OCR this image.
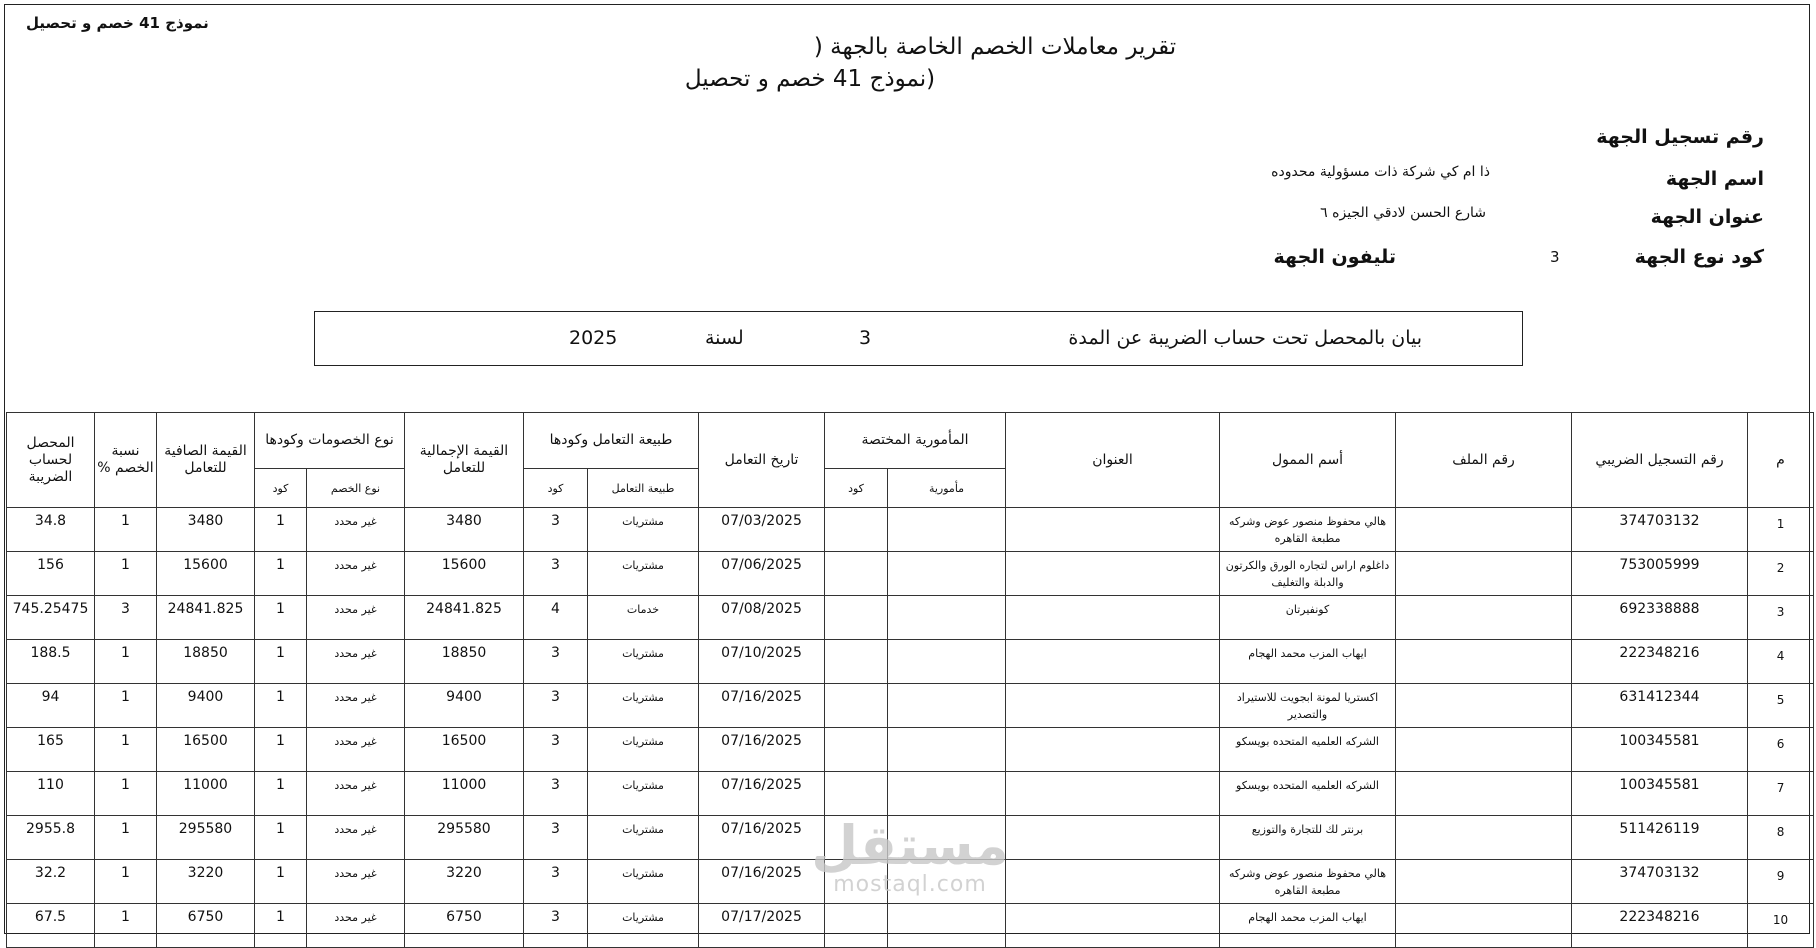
نموذج 41 خصم و تحصيل
تقرير معاملات الخصم الخاصة بالجهة (
(نموذج 41 خصم و تحصيل
رقم تسجيل الجهة
اسم الجهة
ذا ام كي شركة ذات مسؤولية محدوده
عنوان الجهة
شارع الحسن لادقي الجيزه ٦
كود نوع الجهة
3
تليفون الجهة
بيان بالمحصل تحت حساب الضريبة عن المدة
3
لسنة
2025
م	رقم التسجيل الضريبي	رقم الملف	أسم الممول	العنوان	المأمورية المختصة		تاريخ التعامل	طبيعة التعامل وكودها		القيمة الإجمالية للتعامل	نوع الخصومات وكودها		القيمة الصافية للتعامل	نسبة الخصم %	المحصل لحساب الضريبة
					مأمورية	كود		طبيعة التعامل	كود		نوع الخصم	كود			
1	374703132		هالي محفوظ منصور عوض وشركه مطبعة القاهره				07/03/2025	مشتريات	3	3480	غير محدد	1	3480	1	34.8
2	753005999		داغلوم اراس لتجاره الورق والكرتون والدبلة والتغليف				07/06/2025	مشتريات	3	15600	غير محدد	1	15600	1	156
3	692338888		كونفيرتان				07/08/2025	خدمات	4	24841.825	غير محدد	1	24841.825	3	745.25475
4	222348216		ايهاب المزب محمد الهجام				07/10/2025	مشتريات	3	18850	غير محدد	1	18850	1	188.5
5	631412344		اكستريا لمونة ابجويت للاستيراد والتصدير				07/16/2025	مشتريات	3	9400	غير محدد	1	9400	1	94
6	100345581		الشركه العلميه المتحده بويسكو				07/16/2025	مشتريات	3	16500	غير محدد	1	16500	1	165
7	100345581		الشركه العلميه المتحده بويسكو				07/16/2025	مشتريات	3	11000	غير محدد	1	11000	1	110
8	511426119		برنتر لك للتجارة والتوزيع				07/16/2025	مشتريات	3	295580	غير محدد	1	295580	1	2955.8
9	374703132		هالي محفوظ منصور عوض وشركه مطبعة القاهره				07/16/2025	مشتريات	3	3220	غير محدد	1	3220	1	32.2
10	222348216		ايهاب المزب محمد الهجام				07/17/2025	مشتريات	3	6750	غير محدد	1	6750	1	67.5
مستقل
mostaql.com
